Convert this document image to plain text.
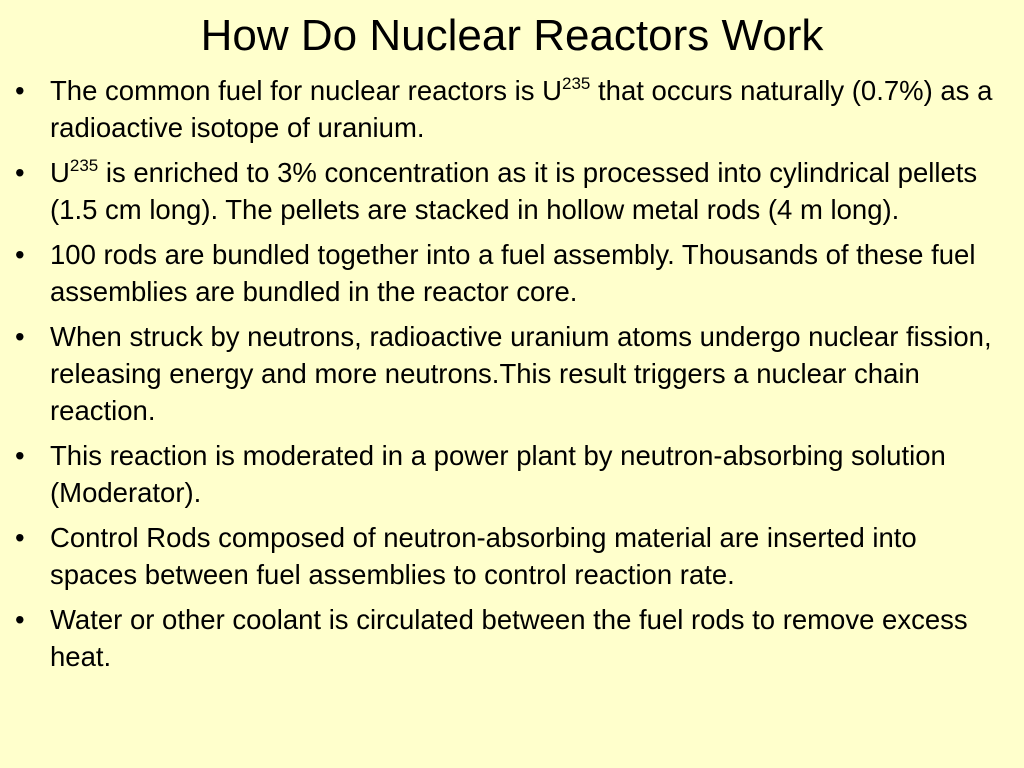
How Do Nuclear Reactors Work
• The common fuel for nuclear reactors is $U^{235}$ that occurs naturally (0.7%) as a radioactive isotope of uranium.
• $U^{235}$ is enriched to 3% concentration as it is processed into cylindrical pellets (1.5 cm long). The pellets are stacked in hollow metal rods (4 m long).
• 100 rods are bundled together into a fuel assembly. Thousands of these fuel assemblies are bundled in the reactor core.
• When struck by neutrons, radioactive uranium atoms undergo nuclear fission, releasing energy and more neutrons.This result triggers a nuclear chain reaction.
• This reaction is moderated in a power plant by neutron-absorbing solution (Moderator).
• Control Rods composed of neutron-absorbing material are inserted into spaces between fuel assemblies to control reaction rate.
• Water or other coolant is circulated between the fuel rods to remove excess heat.
